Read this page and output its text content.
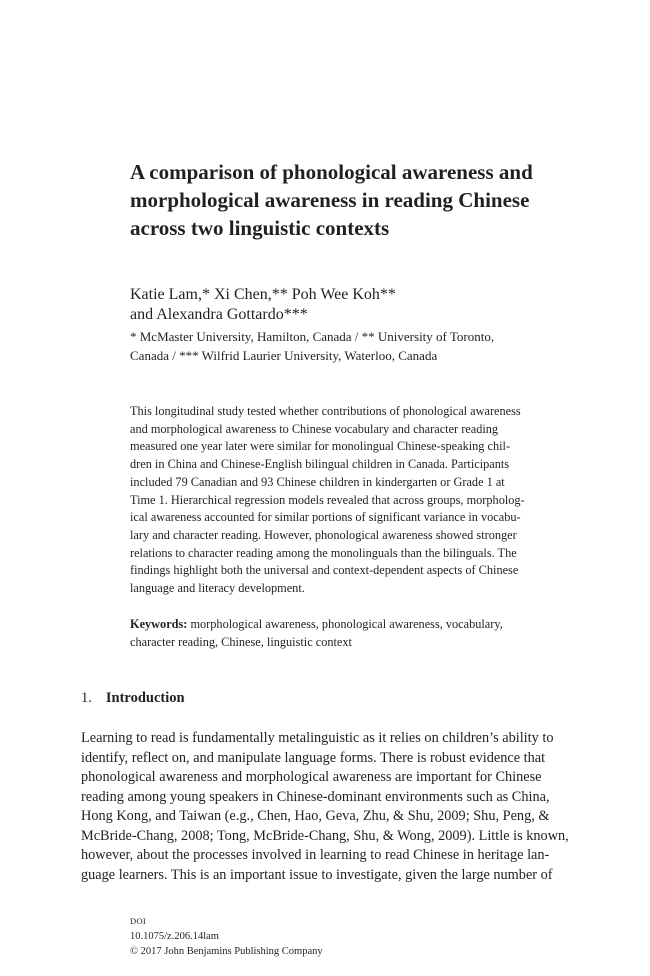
A comparison of phonological awareness and
morphological awareness in reading Chinese
across two linguistic contexts
Katie Lam,* Xi Chen,** Poh Wee Koh**
and Alexandra Gottardo***
* McMaster University, Hamilton, Canada / ** University of Toronto,
Canada / *** Wilfrid Laurier University, Waterloo, Canada
This longitudinal study tested whether contributions of phonological awareness
and morphological awareness to Chinese vocabulary and character reading
measured one year later were similar for monolingual Chinese-speaking chil-
dren in China and Chinese-English bilingual children in Canada. Participants
included 79 Canadian and 93 Chinese children in kindergarten or Grade 1 at
Time 1. Hierarchical regression models revealed that across groups, morpholog-
ical awareness accounted for similar portions of significant variance in vocabu-
lary and character reading. However, phonological awareness showed stronger
relations to character reading among the monolinguals than the bilinguals. The
findings highlight both the universal and context-dependent aspects of Chinese
language and literacy development.
Keywords: morphological awareness, phonological awareness, vocabulary,
character reading, Chinese, linguistic context
1. Introduction
Learning to read is fundamentally metalinguistic as it relies on children’s ability to
identify, reflect on, and manipulate language forms. There is robust evidence that
phonological awareness and morphological awareness are important for Chinese
reading among young speakers in Chinese-dominant environments such as China,
Hong Kong, and Taiwan (e.g., Chen, Hao, Geva, Zhu, & Shu, 2009; Shu, Peng, &
McBride-Chang, 2008; Tong, McBride-Chang, Shu, & Wong, 2009). Little is known,
however, about the processes involved in learning to read Chinese in heritage lan-
guage learners. This is an important issue to investigate, given the large number of
DOI
10.1075/z.206.14lam
© 2017 John Benjamins Publishing Company
